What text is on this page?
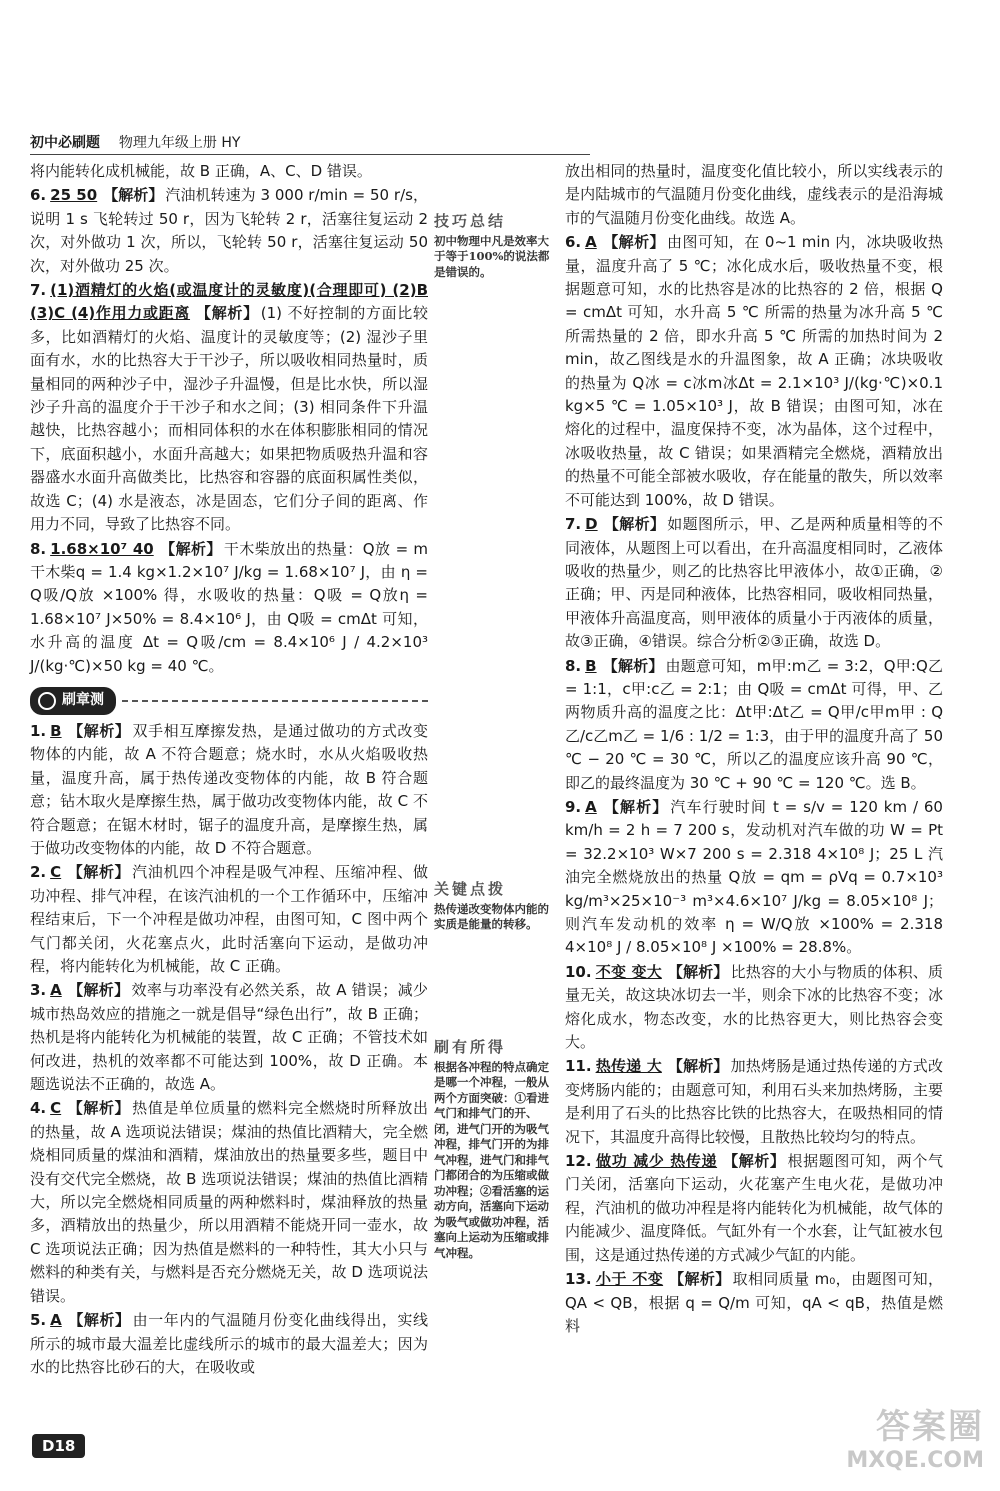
初中必刷题 物理九年级上册 HY
将内能转化成机械能，故 B 正确，A、C、D 错误。
6. 25 50 【解析】 汽油机转速为 3 000 r/min = 50 r/s，说明 1 s 飞轮转过 50 r，因为飞轮转 2 r，活塞往复运动 2 次，对外做功 1 次，所以，飞轮转 50 r，活塞往复运动 50 次，对外做功 25 次。
7. (1)酒精灯的火焰(或温度计的灵敏度)(合理即可) (2)B (3)C (4)作用力或距离 【解析】 (1) 不好控制的方面比较多，比如酒精灯的火焰、温度计的灵敏度等；(2) 湿沙子里面有水，水的比热容大于干沙子，所以吸收相同热量时，质量相同的两种沙子中，湿沙子升温慢，但是比水快，所以湿沙子升高的温度介于干沙子和水之间；(3) 相同条件下升温越快，比热容越小；而相同体积的水在体积膨胀相同的情况下，底面积越小，水面升高越大；如果把物质吸热升温和容器盛水水面升高做类比，比热容和容器的底面积属性类似，故选 C；(4) 水是液态，冰是固态，它们分子间的距离、作用力不同，导致了比热容不同。
8. 1.68×10⁷ 40 【解析】 干木柴放出的热量：Q放 = m干木柴q = 1.4 kg×1.2×10⁷ J/kg = 1.68×10⁷ J，由 η = Q吸/Q放 ×100% 得，水吸收的热量：Q吸 = Q放η = 1.68×10⁷ J×50% = 8.4×10⁶ J，由 Q吸 = cmΔt 可知，水升高的温度 Δt = Q吸/cm = 8.4×10⁶ J / 4.2×10³ J/(kg·℃)×50 kg = 40 ℃。
刷章测
1. B 【解析】 双手相互摩擦发热，是通过做功的方式改变物体的内能，故 A 不符合题意；烧水时，水从火焰吸收热量，温度升高，属于热传递改变物体的内能，故 B 符合题意；钻木取火是摩擦生热，属于做功改变物体内能，故 C 不符合题意；在锯木材时，锯子的温度升高，是摩擦生热，属于做功改变物体的内能，故 D 不符合题意。
2. C 【解析】 汽油机四个冲程是吸气冲程、压缩冲程、做功冲程、排气冲程，在该汽油机的一个工作循环中，压缩冲程结束后，下一个冲程是做功冲程，由图可知，C 图中两个气门都关闭，火花塞点火，此时活塞向下运动，是做功冲程，将内能转化为机械能，故 C 正确。
3. A 【解析】 效率与功率没有必然关系，故 A 错误；减少城市热岛效应的措施之一就是倡导“绿色出行”，故 B 正确；热机是将内能转化为机械能的装置，故 C 正确；不管技术如何改进，热机的效率都不可能达到 100%，故 D 正确。本题选说法不正确的，故选 A。
4. C 【解析】 热值是单位质量的燃料完全燃烧时所释放出的热量，故 A 选项说法错误；煤油的热值比酒精大，完全燃烧相同质量的煤油和酒精，煤油放出的热量要多些，题目中没有交代完全燃烧，故 B 选项说法错误；煤油的热值比酒精大，所以完全燃烧相同质量的两种燃料时，煤油释放的热量多，酒精放出的热量少，所以用酒精不能烧开同一壶水，故 C 选项说法正确；因为热值是燃料的一种特性，其大小只与燃料的种类有关，与燃料是否充分燃烧无关，故 D 选项说法错误。
5. A 【解析】 由一年内的气温随月份变化曲线得出，实线所示的城市最大温差比虚线所示的城市的最大温差大；因为水的比热容比砂石的大，在吸收或
技巧总结
初中物理中凡是效率大于等于100%的说法都是错误的。
关键点拨
热传递改变物体内能的实质是能量的转移。
刷有所得
根据各冲程的特点确定是哪一个冲程，一般从两个方面突破：①看进气门和排气门的开、闭，进气门开的为吸气冲程，排气门开的为排气冲程，进气门和排气门都闭合的为压缩或做功冲程；②看活塞的运动方向，活塞向下运动为吸气或做功冲程，活塞向上运动为压缩或排气冲程。
放出相同的热量时，温度变化值比较小，所以实线表示的是内陆城市的气温随月份变化曲线，虚线表示的是沿海城市的气温随月份变化曲线。故选 A。
6. A 【解析】 由图可知，在 0~1 min 内，冰块吸收热量，温度升高了 5 ℃；冰化成水后，吸收热量不变，根据题意可知，水的比热容是冰的比热容的 2 倍，根据 Q = cmΔt 可知，水升高 5 ℃ 所需的热量为冰升高 5 ℃ 所需热量的 2 倍，即水升高 5 ℃ 所需的加热时间为 2 min，故乙图线是水的升温图象，故 A 正确；冰块吸收的热量为 Q冰 = c冰m冰Δt = 2.1×10³ J/(kg·℃)×0.1 kg×5 ℃ = 1.05×10³ J，故 B 错误；由图可知，冰在熔化的过程中，温度保持不变，冰为晶体，这个过程中，冰吸收热量，故 C 错误；如果酒精完全燃烧，酒精放出的热量不可能全部被水吸收，存在能量的散失，所以效率不可能达到 100%，故 D 错误。
7. D 【解析】 如题图所示，甲、乙是两种质量相等的不同液体，从题图上可以看出，在升高温度相同时，乙液体吸收的热量少，则乙的比热容比甲液体小，故①正确，②正确；甲、丙是同种液体，比热容相同，吸收相同热量，甲液体升高温度高，则甲液体的质量小于丙液体的质量，故③正确，④错误。综合分析②③正确，故选 D。
8. B 【解析】 由题意可知，m甲:m乙 = 3:2，Q甲:Q乙 = 1:1，c甲:c乙 = 2:1；由 Q吸 = cmΔt 可得，甲、乙两物质升高的温度之比：Δt甲:Δt乙 = Q甲/c甲m甲 : Q乙/c乙m乙 = 1/6 : 1/2 = 1:3，由于甲的温度升高了 50 ℃ − 20 ℃ = 30 ℃，所以乙的温度应该升高 90 ℃，即乙的最终温度为 30 ℃ + 90 ℃ = 120 ℃。选 B。
9. A 【解析】 汽车行驶时间 t = s/v = 120 km / 60 km/h = 2 h = 7 200 s，发动机对汽车做的功 W = Pt = 32.2×10³ W×7 200 s = 2.318 4×10⁸ J；25 L 汽油完全燃烧放出的热量 Q放 = qm = ρVq = 0.7×10³ kg/m³×25×10⁻³ m³×4.6×10⁷ J/kg = 8.05×10⁸ J；则汽车发动机的效率 η = W/Q放 ×100% = 2.318 4×10⁸ J / 8.05×10⁸ J ×100% = 28.8%。
10. 不变 变大 【解析】 比热容的大小与物质的体积、质量无关，故这块冰切去一半，则余下冰的比热容不变；冰熔化成水，物态改变，水的比热容更大，则比热容会变大。
11. 热传递 大 【解析】 加热烤肠是通过热传递的方式改变烤肠内能的；由题意可知，利用石头来加热烤肠，主要是利用了石头的比热容比铁的比热容大，在吸热相同的情况下，其温度升高得比较慢，且散热比较均匀的特点。
12. 做功 减少 热传递 【解析】 根据题图可知，两个气门关闭，活塞向下运动，火花塞产生电火花，是做功冲程，汽油机的做功冲程是将内能转化为机械能，故气体的内能减少、温度降低。气缸外有一个水套，让气缸被水包围，这是通过热传递的方式减少气缸的内能。
13. 小于 不变 【解析】 取相同质量 m₀，由题图可知，QA < QB，根据 q = Q/m 可知，qA < qB，热值是燃料
D18	答案圈
MXQE.COM
